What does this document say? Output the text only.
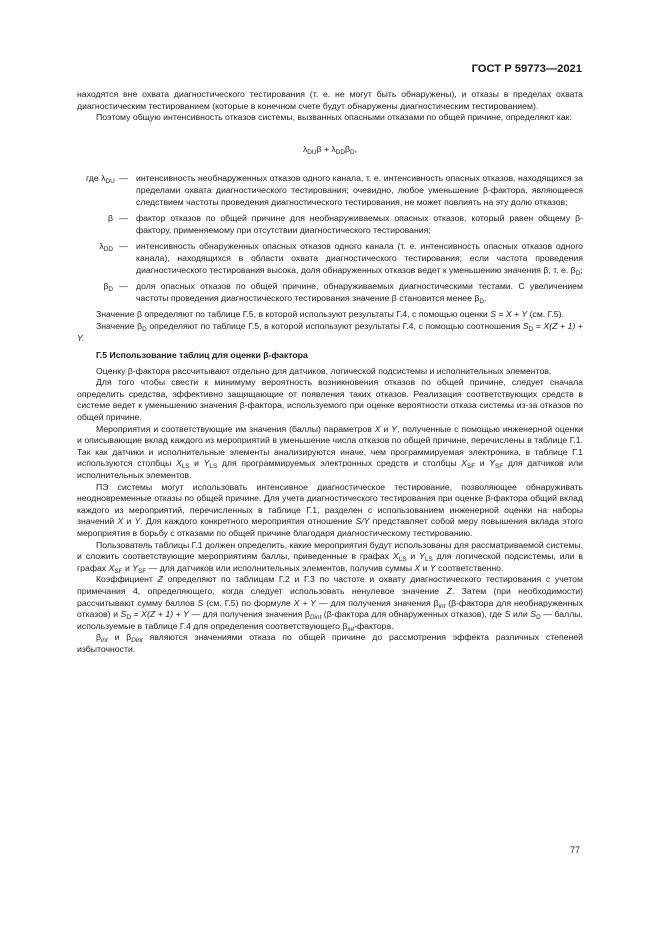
ГОСТ Р 59773—2021

находятся вне охвата диагностического тестирования (т. е. не могут быть обнаружены), и отказы в пределах охвата диагностическим тестированием (которые в конечном счете будут обнаружены диагностическим тестированием).

Поэтому общую интенсивность отказов системы, вызванных опасными отказами по общей причине, определяют как:

$\lambda_{DU}\beta + \lambda_{DD}\beta_D$,
где $\lambda_{DU}$ — интенсивность необнаруженных отказов одного канала, т. е. интенсивность опасных отказов, находящихся за пределами охвата диагностического тестирования; очевидно, любое уменьшение β-фактора, являющееся следствием частоты проведения диагностического тестирования, не может повлиять на эту долю отказов;
β — фактор отказов по общей причине для необнаруживаемых опасных отказов, который равен общему β-фактору, применяемому при отсутствии диагностического тестирования;
$\lambda_{DD}$ — интенсивность обнаруженных опасных отказов одного канала (т. е. интенсивность опасных отказов одного канала), находящихся в области охвата диагностического тестирования; если частота проведения диагностического тестирования высока, доля обнаруженных отказов ведет к уменьшению значения β, т. е. $\beta_D$;
$\beta_D$ — доля опасных отказов по общей причине, обнаруживаемых диагностическими тестами. С увеличением частоты проведения диагностического тестирования значение β становится менее $\beta_D$.

Значение β определяют по таблице Г.5, в которой используют результаты Г.4, с помощью оценки S = X + Y (см. Г.5).

Значение $\beta_D$ определяют по таблице Г.5, в которой используют результаты Г.4, с помощью соотношения $S_D = X(Z + 1) + Y$.

Г.5 Использование таблиц для оценки β-фактора

Оценку β-фактора рассчитывают отдельно для датчиков, логической подсистемы и исполнительных элементов.

Для того чтобы свести к минимуму вероятность возникновения отказов по общей причине, следует сначала определить средства, эффективно защищающие от появления таких отказов. Реализация соответствующих средств в системе ведет к уменьшению значения β-фактора, используемого при оценке вероятности отказа системы из-за отказов по общей причине.

Мероприятия и соответствующие им значения (баллы) параметров X и Y, полученные с помощью инженерной оценки и описывающие вклад каждого из мероприятий в уменьшение числа отказов по общей причине, перечислены в таблице Г.1. Так как датчики и исполнительные элементы анализируются иначе, чем программируемая электроника, в таблице Г.1 используются столбцы $X_{LS}$ и $Y_{LS}$ для программируемых электронных средств и столбцы $X_{SF}$ и $Y_{SF}$ для датчиков или исполнительных элементов.

ПЭ системы могут использовать интенсивное диагностическое тестирование, позволяющее обнаруживать неодновременные отказы по общей причине. Для учета диагностического тестирования при оценке β-фактора общий вклад каждого из мероприятий, перечисленных в таблице Г.1, разделен с использованием инженерной оценки на наборы значений X и Y. Для каждого конкретного мероприятия отношение S/Y представляет собой меру повышения вклада этого мероприятия в борьбу с отказами по общей причине благодаря диагностическому тестированию.

Пользователь таблицы Г.1 должен определить, какие мероприятия будут использованы для рассматриваемой системы, и сложить соответствующие мероприятиям баллы, приведенные в графах $X_{LS}$ и $Y_{LS}$ для логической подсистемы, или в графах $X_{SF}$ и $Y_{SF}$ — для датчиков или исполнительных элементов, получив суммы X и Y соответственно.

Коэффициент Z определяют по таблицам Г.2 и Г.3 по частоте и охвату диагностического тестирования с учетом примечания 4, определяющего, когда следует использовать ненулевое значение Z. Затем (при необходимости) рассчитывают сумму баллов S (см. Г.5) по формуле X + Y — для получения значения $\beta_{int}$ (β-фактора для необнаруженных отказов) и $S_D = X(Z + 1) + Y$ — для получения значения $\beta_{Dint}$ (β-фактора для обнаруженных отказов), где S или $S_D$ — баллы, используемые в таблице Г.4 для определения соответствующего $\beta_{int}$-фактора.

$\beta_{int}$ и $\beta_{Dint}$ являются значениями отказа по общей причине до рассмотрения эффекта различных степеней избыточности.

77
